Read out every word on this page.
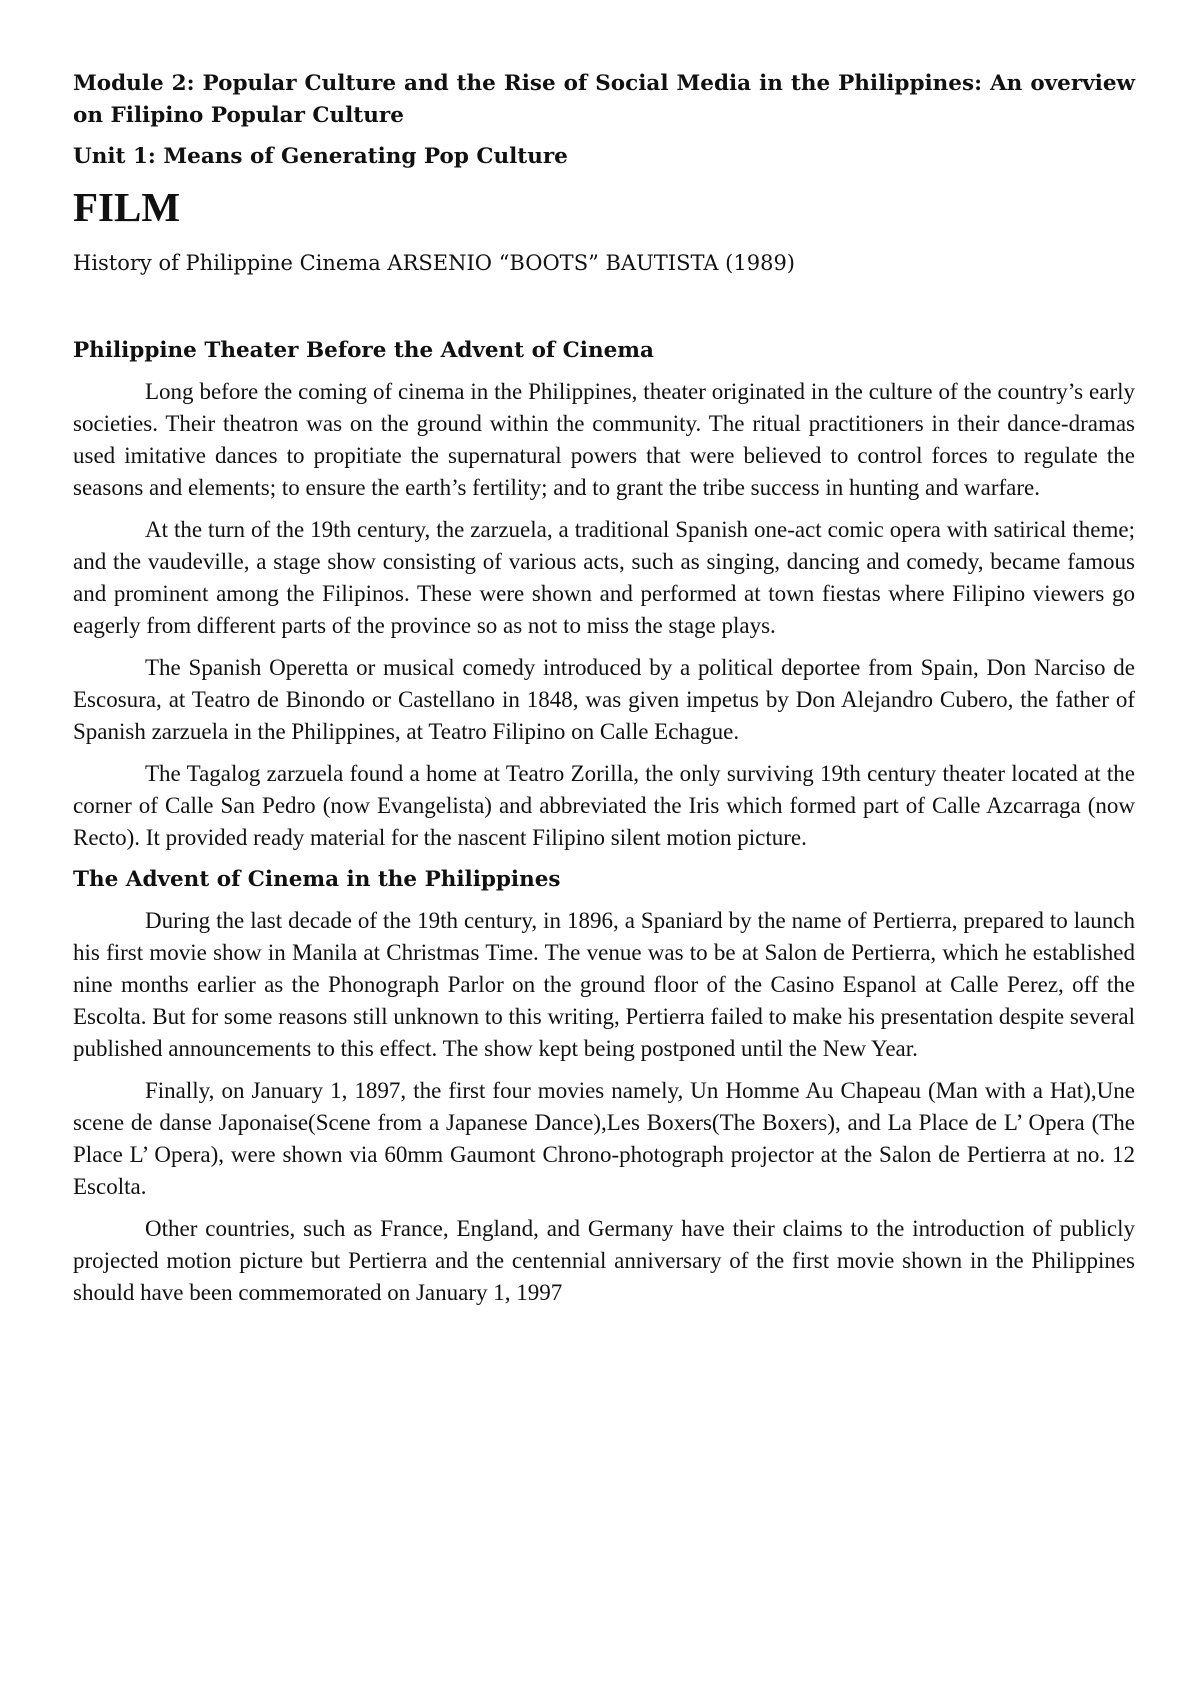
Module 2: Popular Culture and the Rise of Social Media in the Philippines: An overview on Filipino Popular Culture

Unit 1: Means of Generating Pop Culture

FILM

History of Philippine Cinema ARSENIO “BOOTS” BAUTISTA (1989)

Philippine Theater Before the Advent of Cinema

Long before the coming of cinema in the Philippines, theater originated in the culture of the country’s early societies. Their theatron was on the ground within the community. The ritual practitioners in their dance-dramas used imitative dances to propitiate the supernatural powers that were believed to control forces to regulate the seasons and elements; to ensure the earth’s fertility; and to grant the tribe success in hunting and warfare.

At the turn of the 19th century, the zarzuela, a traditional Spanish one-act comic opera with satirical theme; and the vaudeville, a stage show consisting of various acts, such as singing, dancing and comedy, became famous and prominent among the Filipinos. These were shown and performed at town fiestas where Filipino viewers go eagerly from different parts of the province so as not to miss the stage plays.

The Spanish Operetta or musical comedy introduced by a political deportee from Spain, Don Narciso de Escosura, at Teatro de Binondo or Castellano in 1848, was given impetus by Don Alejandro Cubero, the father of Spanish zarzuela in the Philippines, at Teatro Filipino on Calle Echague.

The Tagalog zarzuela found a home at Teatro Zorilla, the only surviving 19th century theater located at the corner of Calle San Pedro (now Evangelista) and abbreviated the Iris which formed part of Calle Azcarraga (now Recto). It provided ready material for the nascent Filipino silent motion picture.

The Advent of Cinema in the Philippines

During the last decade of the 19th century, in 1896, a Spaniard by the name of Pertierra, prepared to launch his first movie show in Manila at Christmas Time. The venue was to be at Salon de Pertierra, which he established nine months earlier as the Phonograph Parlor on the ground floor of the Casino Espanol at Calle Perez, off the Escolta. But for some reasons still unknown to this writing, Pertierra failed to make his presentation despite several published announcements to this effect. The show kept being postponed until the New Year.

Finally, on January 1, 1897, the first four movies namely, Un Homme Au Chapeau (Man with a Hat),Une scene de danse Japonaise(Scene from a Japanese Dance),Les Boxers(The Boxers), and La Place de L’ Opera (The Place L’ Opera), were shown via 60mm Gaumont Chrono-photograph projector at the Salon de Pertierra at no. 12 Escolta.

Other countries, such as France, England, and Germany have their claims to the introduction of publicly projected motion picture but Pertierra and the centennial anniversary of the first movie shown in the Philippines should have been commemorated on January 1, 1997
